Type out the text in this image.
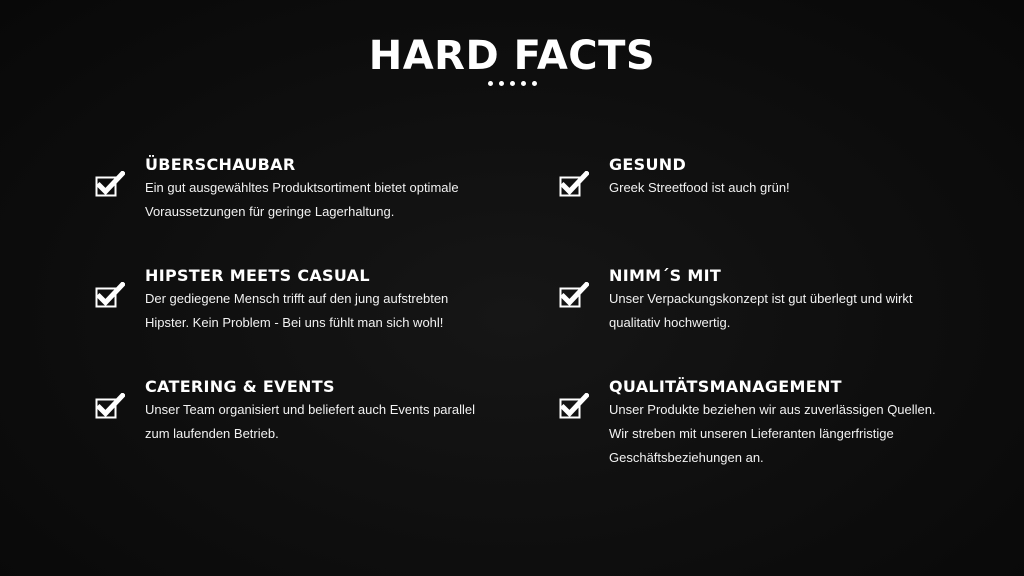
HARD FACTS

ÜBERSCHAUBAR

Ein gut ausgewähltes Produktsortiment bietet optimale Voraussetzungen für geringe Lagerhaltung.

GESUND

Greek Streetfood ist auch grün!

HIPSTER MEETS CASUAL

Der gediegene Mensch trifft auf den jung aufstrebten Hipster. Kein Problem - Bei uns fühlt man sich wohl!

NIMM´S MIT

Unser Verpackungskonzept ist gut überlegt und wirkt qualitativ hochwertig.

CATERING & EVENTS

Unser Team organisiert und beliefert auch Events parallel zum laufenden Betrieb.

QUALITÄTSMANAGEMENT

Unser Produkte beziehen wir aus zuverlässigen Quellen. Wir streben mit unseren Lieferanten längerfristige Geschäftsbeziehungen an.
